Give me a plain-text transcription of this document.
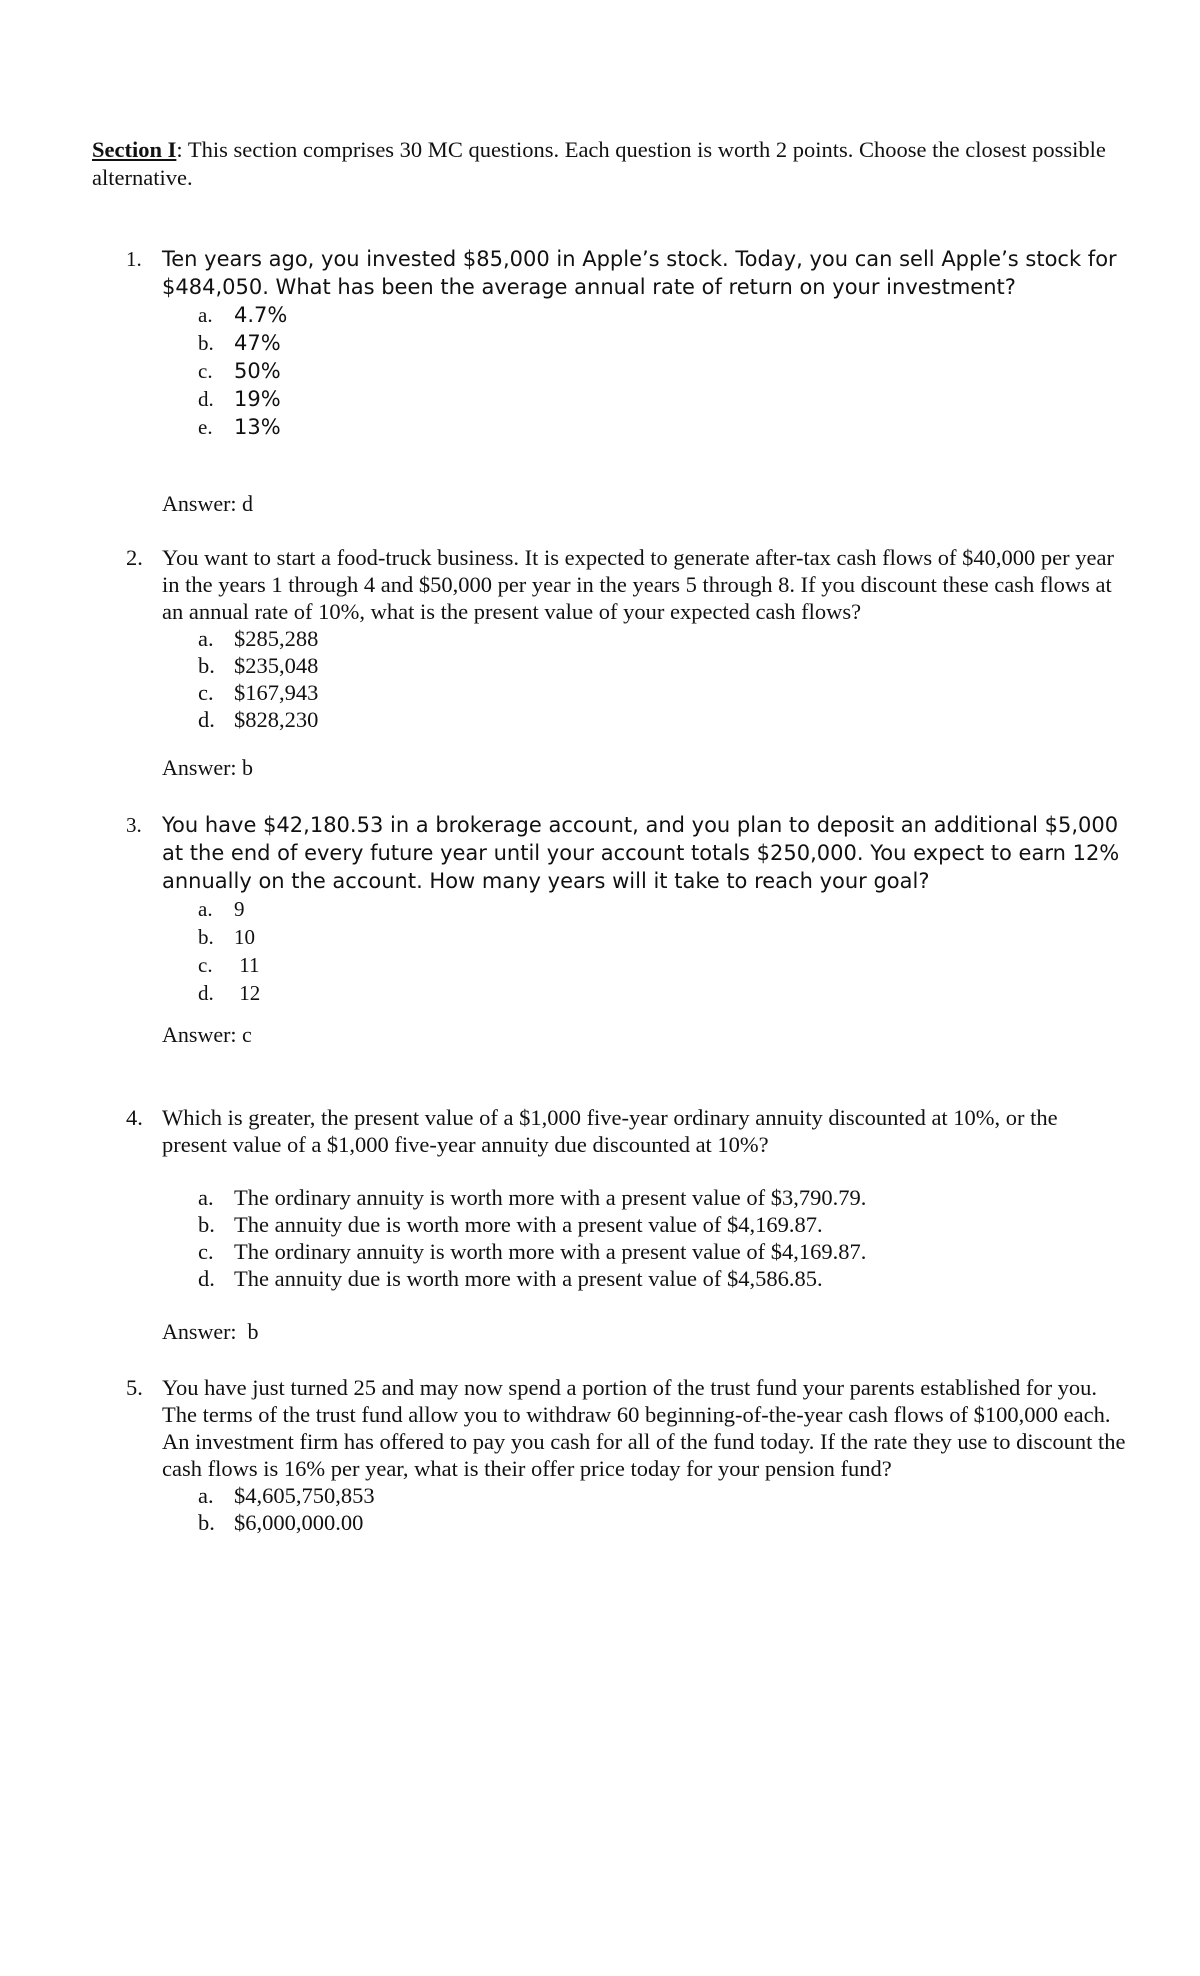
Section I: This section comprises 30 MC questions. Each question is worth 2 points. Choose the closest possible alternative.
1. Ten years ago, you invested $85,000 in Apple’s stock. Today, you can sell Apple’s stock for $484,050. What has been the average annual rate of return on your investment?
a. 4.7%
b. 47%
c. 50%
d. 19%
e. 13%
Answer: d
2. You want to start a food-truck business. It is expected to generate after-tax cash flows of $40,000 per year in the years 1 through 4 and $50,000 per year in the years 5 through 8. If you discount these cash flows at an annual rate of 10%, what is the present value of your expected cash flows?
a. $285,288
b. $235,048
c. $167,943
d. $828,230
Answer: b
3. You have $42,180.53 in a brokerage account, and you plan to deposit an additional $5,000 at the end of every future year until your account totals $250,000. You expect to earn 12% annually on the account. How many years will it take to reach your goal?
a. 9
b. 10
c. 11
d. 12
Answer: c
4. Which is greater, the present value of a $1,000 five-year ordinary annuity discounted at 10%, or the present value of a $1,000 five-year annuity due discounted at 10%?
a. The ordinary annuity is worth more with a present value of $3,790.79.
b. The annuity due is worth more with a present value of $4,169.87.
c. The ordinary annuity is worth more with a present value of $4,169.87.
d. The annuity due is worth more with a present value of $4,586.85.
Answer:  b
5. You have just turned 25 and may now spend a portion of the trust fund your parents established for you. The terms of the trust fund allow you to withdraw 60 beginning-of-the-year cash flows of $100,000 each. An investment firm has offered to pay you cash for all of the fund today. If the rate they use to discount the cash flows is 16% per year, what is their offer price today for your pension fund?
a. $4,605,750,853
b. $6,000,000.00
